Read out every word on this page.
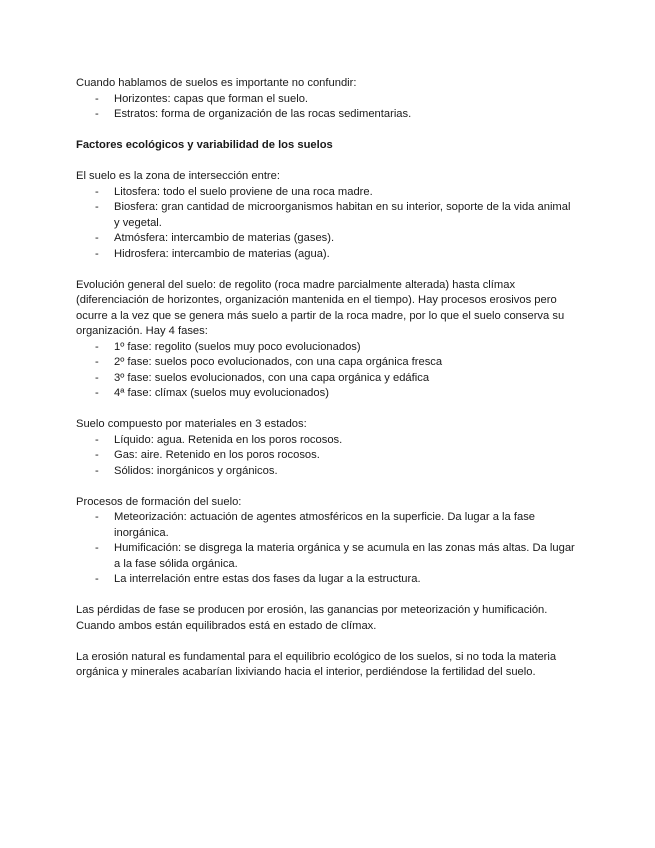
Cuando hablamos de suelos es importante no confundir:

- Horizontes: capas que forman el suelo.
- Estratos: forma de organización de las rocas sedimentarias.

Factores ecológicos y variabilidad de los suelos

El suelo es la zona de intersección entre:

- Litosfera: todo el suelo proviene de una roca madre.
- Biosfera: gran cantidad de microorganismos habitan en su interior, soporte de la vida animal y vegetal.
- Atmósfera: intercambio de materias (gases).
- Hidrosfera: intercambio de materias (agua).

Evolución general del suelo: de regolito (roca madre parcialmente alterada) hasta clímax (diferenciación de horizontes, organización mantenida en el tiempo). Hay procesos erosivos pero ocurre a la vez que se genera más suelo a partir de la roca madre, por lo que el suelo conserva su organización. Hay 4 fases:

- 1º fase: regolito (suelos muy poco evolucionados)
- 2º fase: suelos poco evolucionados, con una capa orgánica fresca
- 3º fase: suelos evolucionados, con una capa orgánica y edáfica
- 4ª fase: clímax (suelos muy evolucionados)

Suelo compuesto por materiales en 3 estados:

- Líquido: agua. Retenida en los poros rocosos.
- Gas: aire. Retenido en los poros rocosos.
- Sólidos: inorgánicos y orgánicos.

Procesos de formación del suelo:

- Meteorización: actuación de agentes atmosféricos en la superficie. Da lugar a la fase inorgánica.
- Humificación: se disgrega la materia orgánica y se acumula en las zonas más altas. Da lugar a la fase sólida orgánica.
- La interrelación entre estas dos fases da lugar a la estructura.

Las pérdidas de fase se producen por erosión, las ganancias por meteorización y humificación. Cuando ambos están equilibrados está en estado de clímax.

La erosión natural es fundamental para el equilibrio ecológico de los suelos, si no toda la materia orgánica y minerales acabarían lixiviando hacia el interior, perdiéndose la fertilidad del suelo.
